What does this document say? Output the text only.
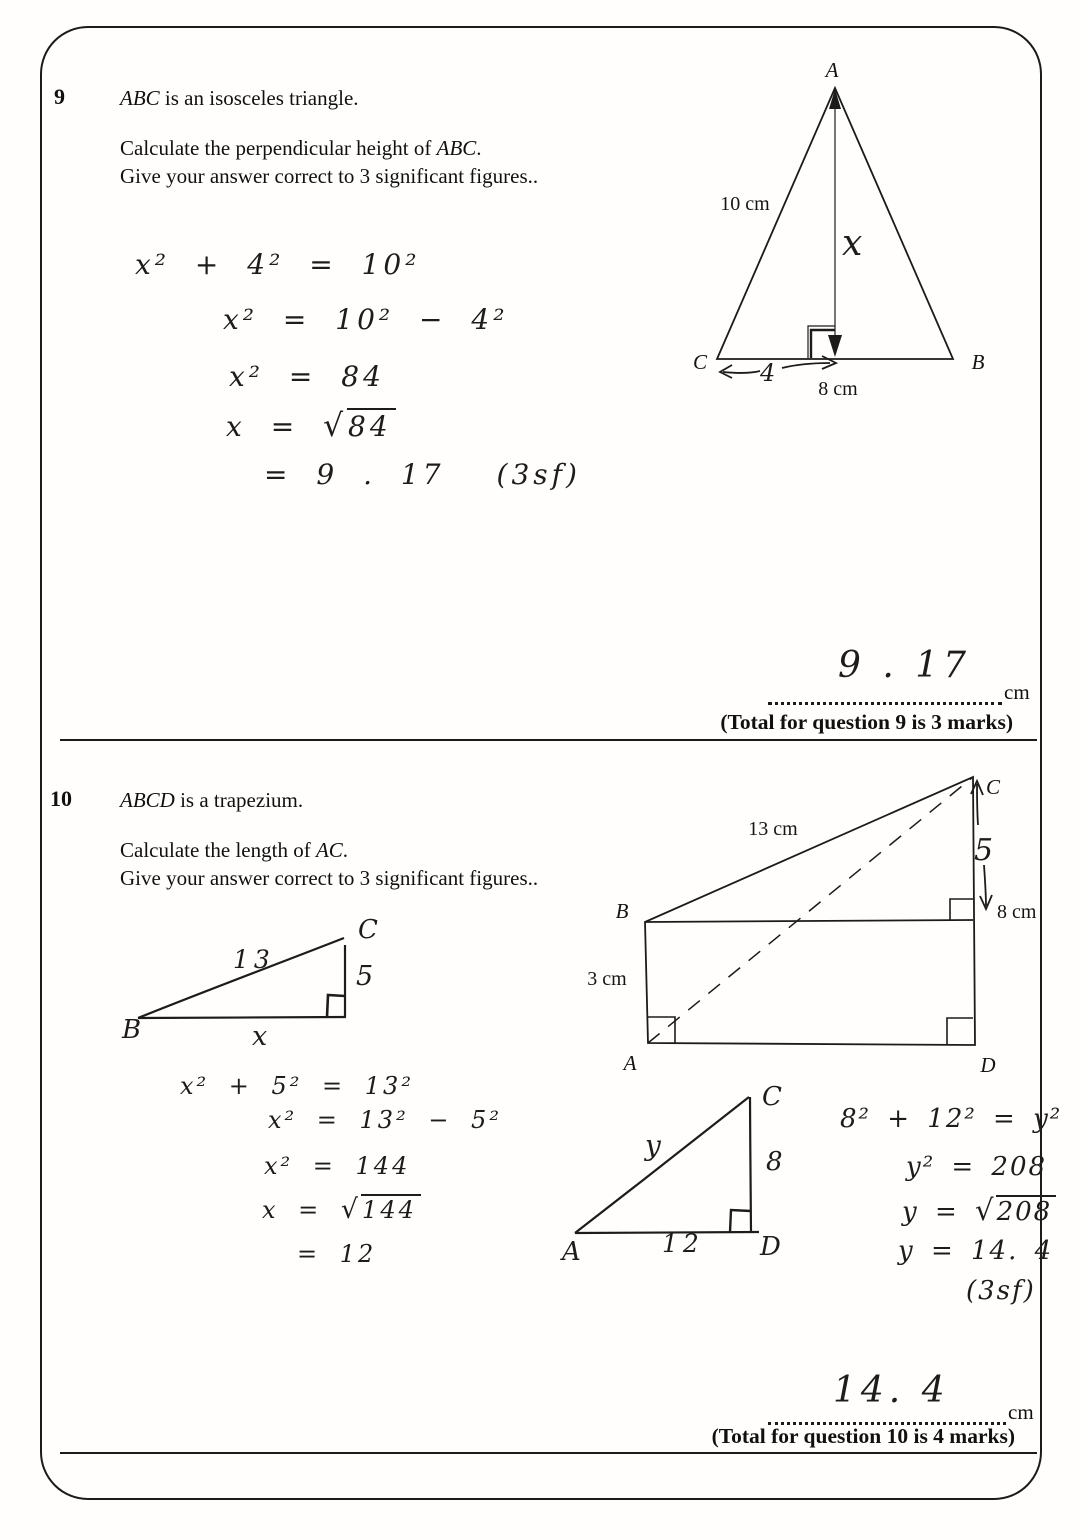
9	ABC is an isosceles triangle.
Calculate the perpendicular height of ABC.
Give your answer correct to 3 significant figures..
A
C	B
10 cm
8 cm
x
4
x² + 4² = 10²
x² = 10² − 4²
x² = 84
x = √84
= 9 . 17 (3sf)
9 . 17
cm
(Total for question 9 is 3 marks)
10 ABCD is a trapezium.
Calculate the length of AC.
Give your answer correct to 3 significant figures..
B
A	D
C
13 cm
3 cm
8 cm
5
C
B
13
5
x
x² + 5² = 13²
x² = 13² − 5²
x² = 144
x = √144
= 12
C
A	D
y	8
12
8² + 12² = y²
y² = 208
y = √208
y = 14. 4
(3sf)
14. 4
cm
(Total for question 10 is 4 marks)
